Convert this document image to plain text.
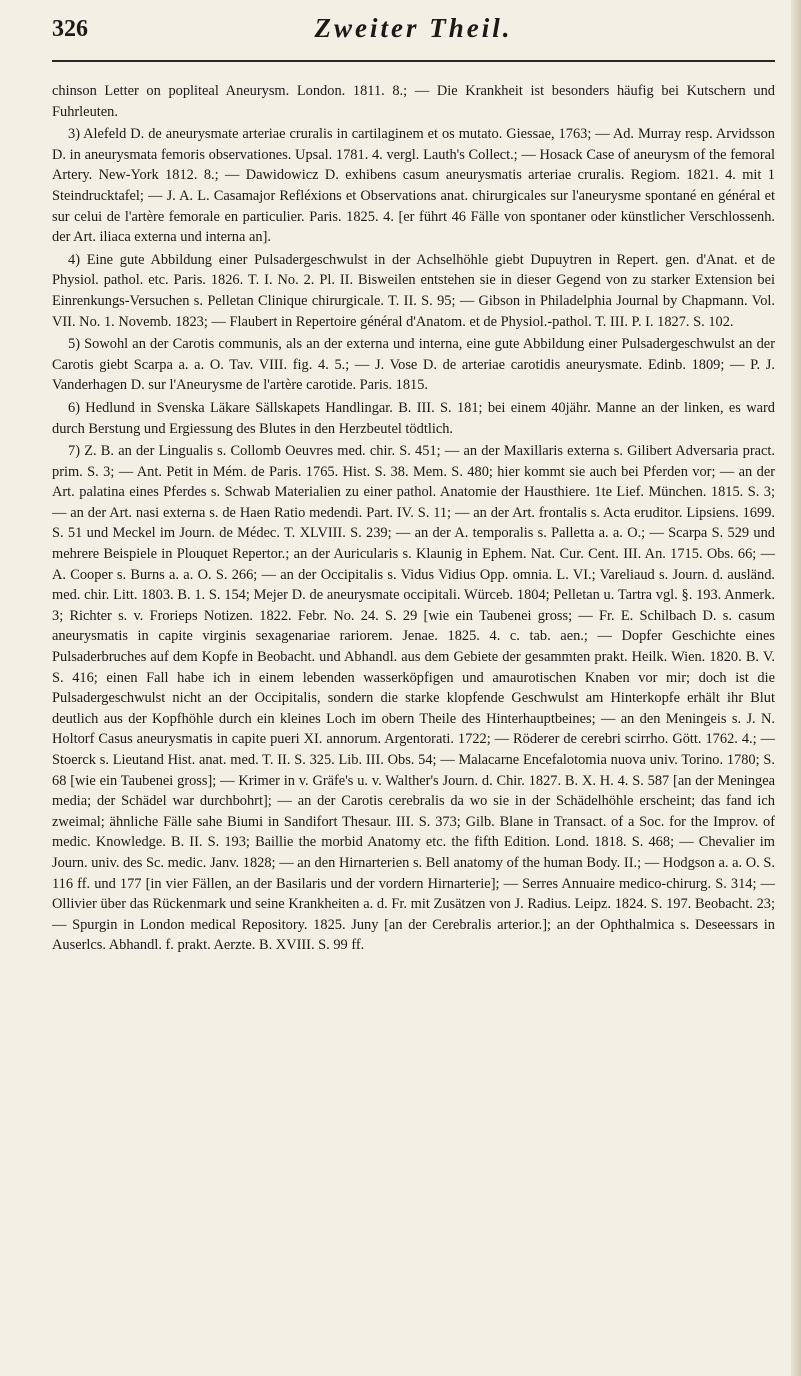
326	Zweiter Theil.

chinson Letter on popliteal Aneurysm. London. 1811. 8.; — Die Krankheit ist besonders häufig bei Kutschern und Fuhrleuten.

3) Alefeld D. de aneurysmate arteriae cruralis in cartilaginem et os mutato. Giessae, 1763; — Ad. Murray resp. Arvidsson D. in aneurysmata femoris observationes. Upsal. 1781. 4. vergl. Lauth's Collect.; — Hosack Case of aneurysm of the femoral Artery. New-York 1812. 8.; — Dawidowicz D. exhibens casum aneurysmatis arteriae cruralis. Regiom. 1821. 4. mit 1 Steindrucktafel; — J. A. L. Casamajor Refléxions et Observations anat. chirurgicales sur l'aneurysme spontané en général et sur celui de l'artère femorale en particulier. Paris. 1825. 4. [er führt 46 Fälle von spontaner oder künstlicher Verschlossenh. der Art. iliaca externa und interna an].

4) Eine gute Abbildung einer Pulsadergeschwulst in der Achselhöhle giebt Dupuytren in Repert. gen. d'Anat. et de Physiol. pathol. etc. Paris. 1826. T. I. No. 2. Pl. II. Bisweilen entstehen sie in dieser Gegend von zu starker Extension bei Einrenkungs-Versuchen s. Pelletan Clinique chirurgicale. T. II. S. 95; — Gibson in Philadelphia Journal by Chapmann. Vol. VII. No. 1. Novemb. 1823; — Flaubert in Repertoire général d'Anatom. et de Physiol.-pathol. T. III. P. I. 1827. S. 102.

5) Sowohl an der Carotis communis, als an der externa und interna, eine gute Abbildung einer Pulsadergeschwulst an der Carotis giebt Scarpa a. a. O. Tav. VIII. fig. 4. 5.; — J. Vose D. de arteriae carotidis aneurysmate. Edinb. 1809; — P. J. Vanderhagen D. sur l'Aneurysme de l'artère carotide. Paris. 1815.

6) Hedlund in Svenska Läkare Sällskapets Handlingar. B. III. S. 181; bei einem 40jähr. Manne an der linken, es ward durch Berstung und Ergiessung des Blutes in den Herzbeutel tödtlich.

7) Z. B. an der Lingualis s. Collomb Oeuvres med. chir. S. 451; — an der Maxillaris externa s. Gilibert Adversaria pract. prim. S. 3; — Ant. Petit in Mém. de Paris. 1765. Hist. S. 38. Mem. S. 480; hier kommt sie auch bei Pferden vor; — an der Art. palatina eines Pferdes s. Schwab Materialien zu einer pathol. Anatomie der Hausthiere. 1te Lief. München. 1815. S. 3; — an der Art. nasi externa s. de Haen Ratio medendi. Part. IV. S. 11; — an der Art. frontalis s. Acta eruditor. Lipsiens. 1699. S. 51 und Meckel im Journ. de Médec. T. XLVIII. S. 239; — an der A. temporalis s. Palletta a. a. O.; — Scarpa S. 529 und mehrere Beispiele in Plouquet Repertor.; an der Auricularis s. Klaunig in Ephem. Nat. Cur. Cent. III. An. 1715. Obs. 66; — A. Cooper s. Burns a. a. O. S. 266; — an der Occipitalis s. Vidus Vidius Opp. omnia. L. VI.; Vareliaud s. Journ. d. ausländ. med. chir. Litt. 1803. B. 1. S. 154; Mejer D. de aneurysmate occipitali. Würceb. 1804; Pelletan u. Tartra vgl. §. 193. Anmerk. 3; Richter s. v. Frorieps Notizen. 1822. Febr. No. 24. S. 29 [wie ein Taubenei gross; — Fr. E. Schilbach D. s. casum aneurysmatis in capite virginis sexagenariae rariorem. Jenae. 1825. 4. c. tab. aen.; — Dopfer Geschichte eines Pulsaderbruches auf dem Kopfe in Beobacht. und Abhandl. aus dem Gebiete der gesammten prakt. Heilk. Wien. 1820. B. V. S. 416; einen Fall habe ich in einem lebenden wasserköpfigen und amaurotischen Knaben vor mir; doch ist die Pulsadergeschwulst nicht an der Occipitalis, sondern die starke klopfende Geschwulst am Hinterkopfe erhält ihr Blut deutlich aus der Kopfhöhle durch ein kleines Loch im obern Theile des Hinterhauptbeines; — an den Meningeis s. J. N. Holtorf Casus aneurysmatis in capite pueri XI. annorum. Argentorati. 1722; — Röderer de cerebri scirrho. Gött. 1762. 4.; — Stoerck s. Lieutand Hist. anat. med. T. II. S. 325. Lib. III. Obs. 54; — Malacarne Encefalotomia nuova univ. Torino. 1780; S. 68 [wie ein Taubenei gross]; — Krimer in v. Gräfe's u. v. Walther's Journ. d. Chir. 1827. B. X. H. 4. S. 587 [an der Meningea media; der Schädel war durchbohrt]; — an der Carotis cerebralis da wo sie in der Schädelhöhle erscheint; das fand ich zweimal; ähnliche Fälle sahe Biumi in Sandifort Thesaur. III. S. 373; Gilb. Blane in Transact. of a Soc. for the Improv. of medic. Knowledge. B. II. S. 193; Baillie the morbid Anatomy etc. the fifth Edition. Lond. 1818. S. 468; — Chevalier im Journ. univ. des Sc. medic. Janv. 1828; — an den Hirnarterien s. Bell anatomy of the human Body. II.; — Hodgson a. a. O. S. 116 ff. und 177 [in vier Fällen, an der Basilaris und der vordern Hirnarterie]; — Serres Annuaire medico-chirurg. S. 314; — Ollivier über das Rückenmark und seine Krankheiten a. d. Fr. mit Zusätzen von J. Radius. Leipz. 1824. S. 197. Beobacht. 23; — Spurgin in London medical Repository. 1825. Juny [an der Cerebralis arterior.]; an der Ophthalmica s. Deseessars in Auserlcs. Abhandl. f. prakt. Aerzte. B. XVIII. S. 99 ff.
